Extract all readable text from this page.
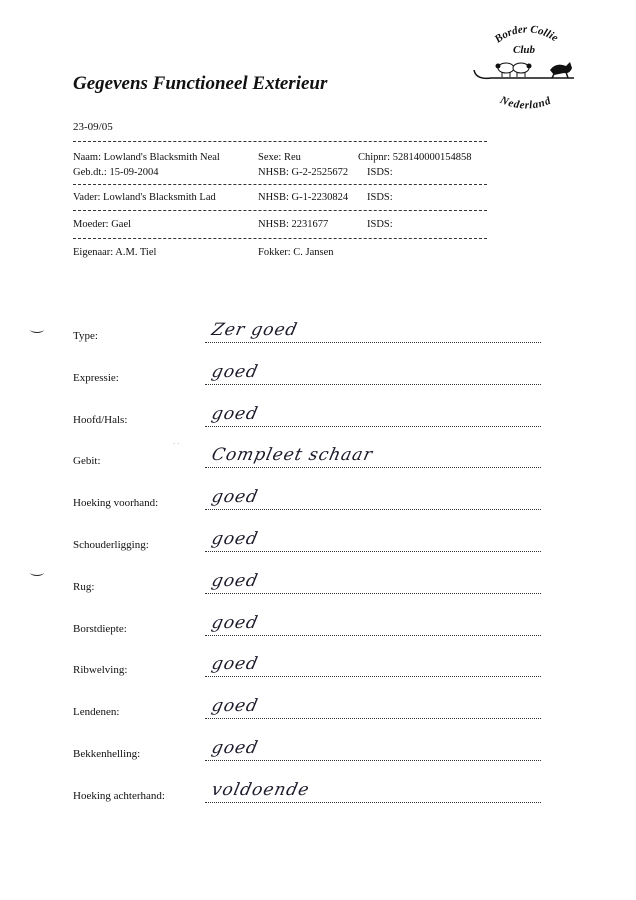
Border Collie
Club
Nederland
Gegevens Functioneel Exterieur
23-09/05
Naam: Lowland's Blacksmith Neal	Sexe: Reu	Chipnr: 528140000154858
Geb.dt.: 15-09-2004	NHSB: G-2-2525672 ISDS:
Vader: Lowland's Blacksmith Lad	NHSB: G-1-2230824 ISDS:
Moeder: Gael	NHSB: 2231677	ISDS:
Eigenaar: A.M. Tiel	Fokker: C. Jansen
· ·
Type:	Zer goed
Expressie:	goed
Hoofd/Hals:	goed
Gebit:	Compleet schaar
Hoeking voorhand:	goed
Schouderligging:	goed
Rug:	goed
Borstdiepte:	goed
Ribwelving:	goed
Lendenen:	goed
Bekkenhelling:	goed
Hoeking achterhand:	voldoende
